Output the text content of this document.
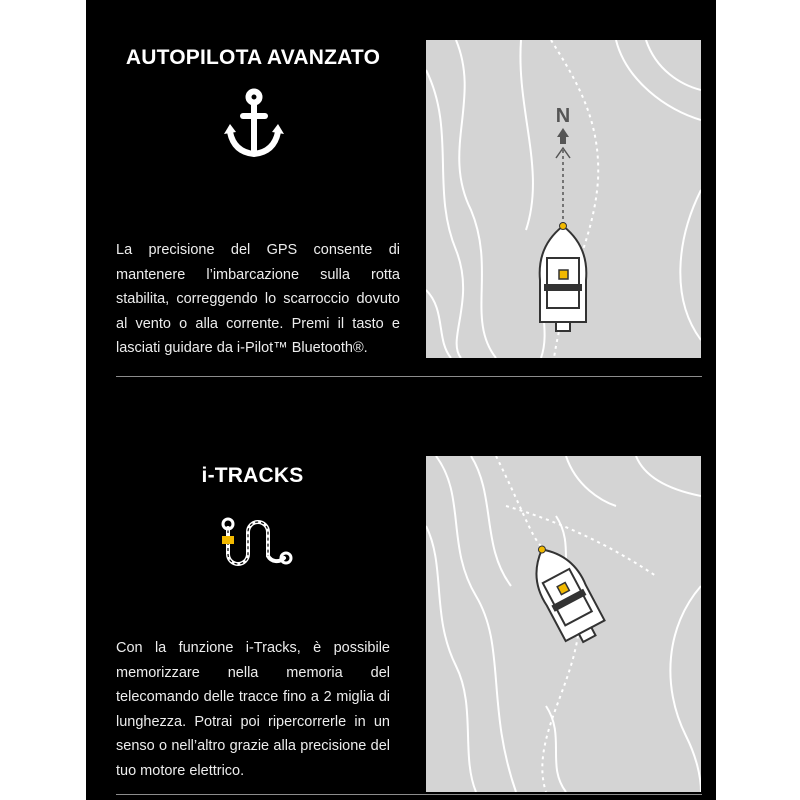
AUTOPILOTA AVANZATO
La precisione del GPS consente di mantenere l’imbarcazione sulla rotta stabilita, correggendo lo scarroccio dovuto al vento o alla corrente. Premi il tasto e lasciati guidare da i-Pilot™ Bluetooth®.
N
i-TRACKS
Con la funzione i-Tracks, è possibile memorizzare nella memoria del telecomando delle tracce fino a 2 miglia di lunghezza. Potrai poi ripercorrerle in un senso o nell’altro grazie alla precisione del tuo motore elettrico.
